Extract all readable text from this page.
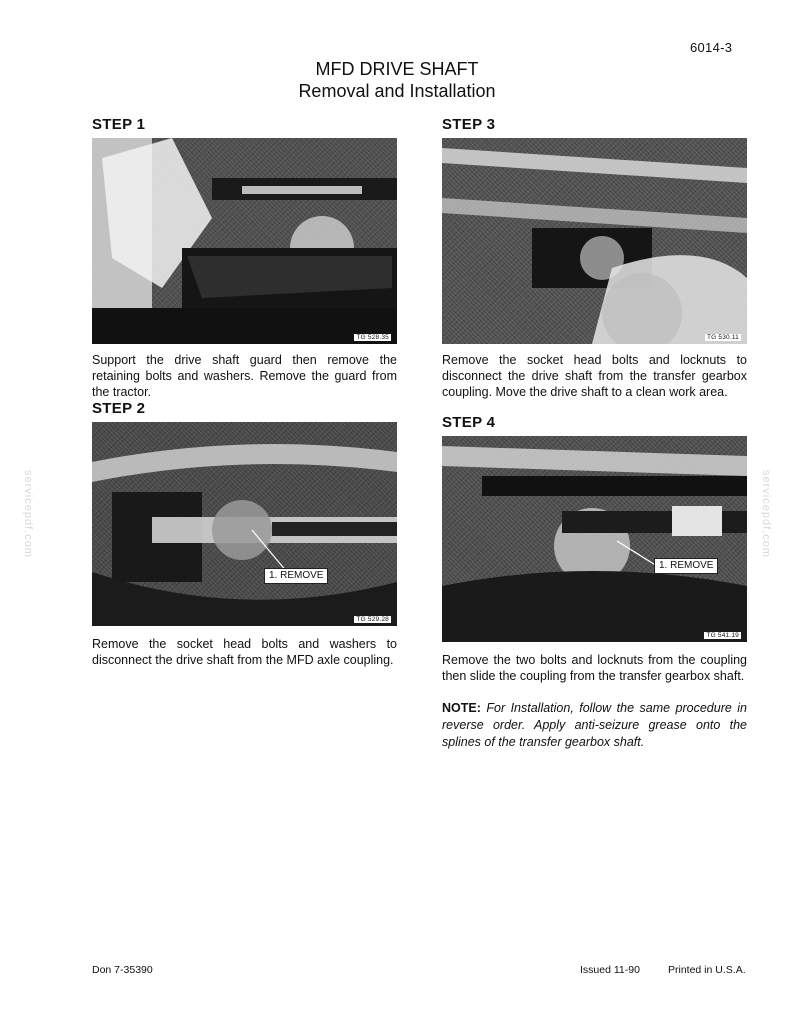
6014-3
MFD DRIVE SHAFT
Removal and Installation
servicepdf.com	servicepdf.com
STEP 1
TG 528.35
Support the drive shaft guard then remove the retaining bolts and washers. Remove the guard from the tractor.
STEP 2
1. REMOVE
TG 529.28
Remove the socket head bolts and washers to disconnect the drive shaft from the MFD axle coupling.
STEP 3
TG 530.11
Remove the socket head bolts and locknuts to disconnect the drive shaft from the transfer gearbox coupling. Move the drive shaft to a clean work area.
STEP 4
1. REMOVE
TG 541.19
Remove the two bolts and locknuts from the coupling then slide the coupling from the transfer gearbox shaft.
NOTE: For Installation, follow the same procedure in reverse order. Apply anti-seizure grease onto the splines of the transfer gearbox shaft.
Don 7-35390	Issued 11-90	Printed in U.S.A.
